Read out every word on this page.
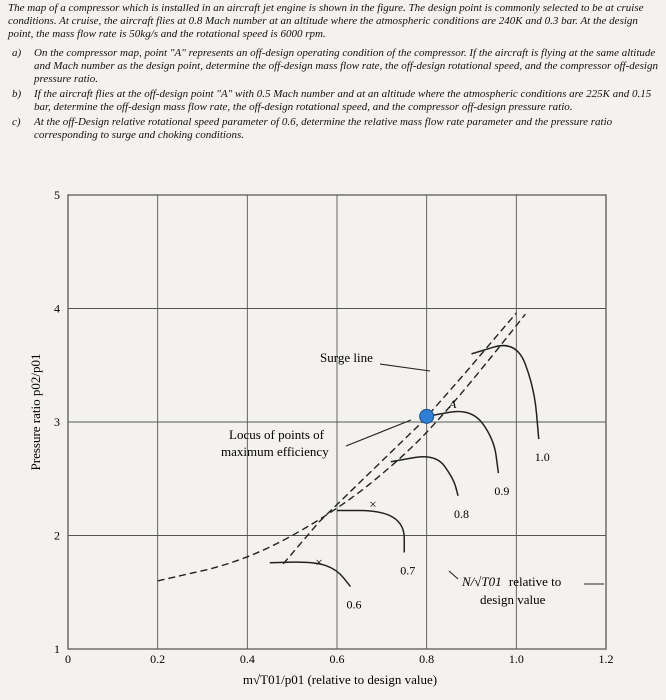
The map of a compressor which is installed in an aircraft jet engine is shown in the figure. The design point is commonly selected to be at cruise conditions. At cruise, the aircraft flies at 0.8 Mach number at an altitude where the atmospheric conditions are 240K and 0.3 bar. At the design point, the mass flow rate is 50kg/s and the rotational speed is 6000 rpm.

a) On the compressor map, point "A" represents an off-design operating condition of the compressor. If the aircraft is flying at the same altitude and Mach number as the design point, determine the off-design mass flow rate, the off-design rotational speed, and the compressor off-design pressure ratio.
b) If the aircraft flies at the off-design point "A" with 0.5 Mach number and at an altitude where the atmospheric conditions are 225K and 0.15 bar, determine the off-design mass flow rate, the off-design rotational speed, and the compressor off-design pressure ratio.
c) At the off-Design relative rotational speed parameter of 0.6, determine the relative mass flow rate parameter and the pressure ratio corresponding to surge and choking conditions.
0	0.2	0.4	0.6	0.8	1.0	1.2
1
2
3
4
5
0.6
0.7
0.8
0.9
1.0
×
×
Pressure ratio p02/p01
m√T01/p01 (relative to design value)
Surge line
Locus of points of
maximum efficiency
A
N/√T01 relative to
design value
